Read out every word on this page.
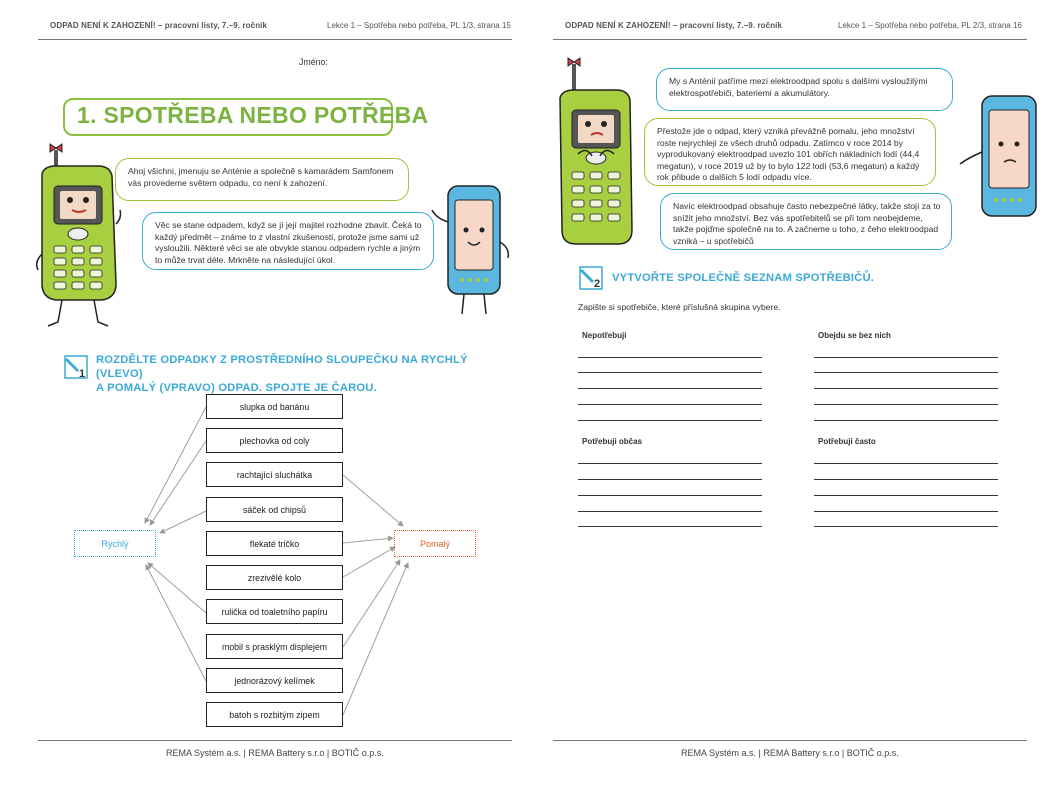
ODPAD NENÍ K ZAHOZENÍ! – pracovní listy, 7.–9. ročník	Lekce 1 – Spotřeba nebo potřeba, PL 1/3, strana 15
Jméno:
1. SPOTŘEBA NEBO POTŘEBA
Ahoj všichni, jmenuju se Anténie a společně s kamarádem Samfonem vás provedeme světem odpadu, co není k zahození.
Věc se stane odpadem, když se jí její majitel rozhodne zbavit. Čeká to každý předmět – známe to z vlastní zkušenosti, protože jsme sami už vysloužili. Některé věci se ale obvykle stanou odpadem rychle a jiným to může trvat déle. Mrkněte na následující úkol.
1
ROZDĚLTE ODPADKY Z PROSTŘEDNÍHO SLOUPEČKU NA RYCHLÝ (VLEVO)
A POMALÝ (VPRAVO) ODPAD. SPOJTE JE ČAROU.
slupka od banánu
plechovka od coly
rachtající sluchátka
sáček od chipsů
flekaté tričko
zrezivělé kolo
rulička od toaletního papíru
mobil s prasklým displejem
jednorázový kelímek
batoh s rozbitým zipem
Rychlý	Pomalý
REMA Systém a.s. | REMA Battery s.r.o | BOTIČ o.p.s.
ODPAD NENÍ K ZAHOZENÍ! – pracovní listy, 7.–9. ročník	Lekce 1 – Spotřeba nebo potřeba, PL 2/3, strana 16
My s Anténií patříme mezi elektroodpad spolu s dalšími vysloužilými elektrospotřebiči, bateriemi a akumulátory.
Přestože jde o odpad, který vzniká převážně pomalu, jeho množství roste nejrychleji ze všech druhů odpadu. Zatímco v roce 2014 by vyprodukovaný elektroodpad uvezlo 101 obřích nákladních lodí (44,4 megatun), v roce 2019 už by to bylo 122 lodí (53,6 megatun) a každý rok přibude o dalších 5 lodí odpadu více.
Navíc elektroodpad obsahuje často nebezpečné látky, takže stojí za to snížit jeho množství. Bez vás spotřebitelů se při tom neobejdeme, takže pojďme společně na to. A začneme u toho, z čeho elektroodpad vzniká – u spotřebičů
2 VYTVOŘTE SPOLEČNĚ SEZNAM SPOTŘEBIČŮ.
Zapište si spotřebiče, které příslušná skupina vybere.
Nepotřebuji	Obejdu se bez nich
Potřebuji občas	Potřebuji často
REMA Systém a.s. | REMA Battery s.r.o | BOTIČ o.p.s.
